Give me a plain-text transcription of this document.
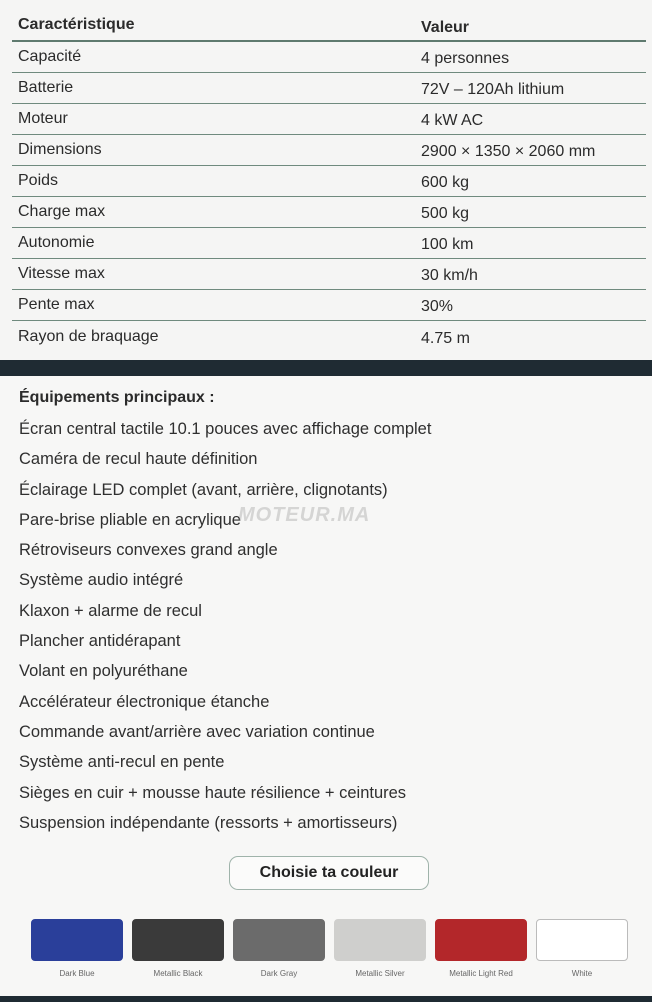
Caractéristique	Valeur
Capacité	4 personnes
Batterie	72V – 120Ah lithium
Moteur	4 kW AC
Dimensions	2900 × 1350 × 2060 mm
Poids	600 kg
Charge max	500 kg
Autonomie	100 km
Vitesse max	30 km/h
Pente max	30%
Rayon de braquage	4.75 m
Équipements principaux :
Écran central tactile 10.1 pouces avec affichage complet
Caméra de recul haute définition
Éclairage LED complet (avant, arrière, clignotants)
Pare-brise pliable en acrylique
Rétroviseurs convexes grand angle
Système audio intégré
Klaxon + alarme de recul
Plancher antidérapant
Volant en polyuréthane
Accélérateur électronique étanche
Commande avant/arrière avec variation continue
Système anti-recul en pente
Sièges en cuir + mousse haute résilience + ceintures
Suspension indépendante (ressorts + amortisseurs)
MOTEUR.MA
Choisie ta couleur
Dark Blue	Metallic Black	Dark Gray	Metallic Silver	Metallic Light Red	White
